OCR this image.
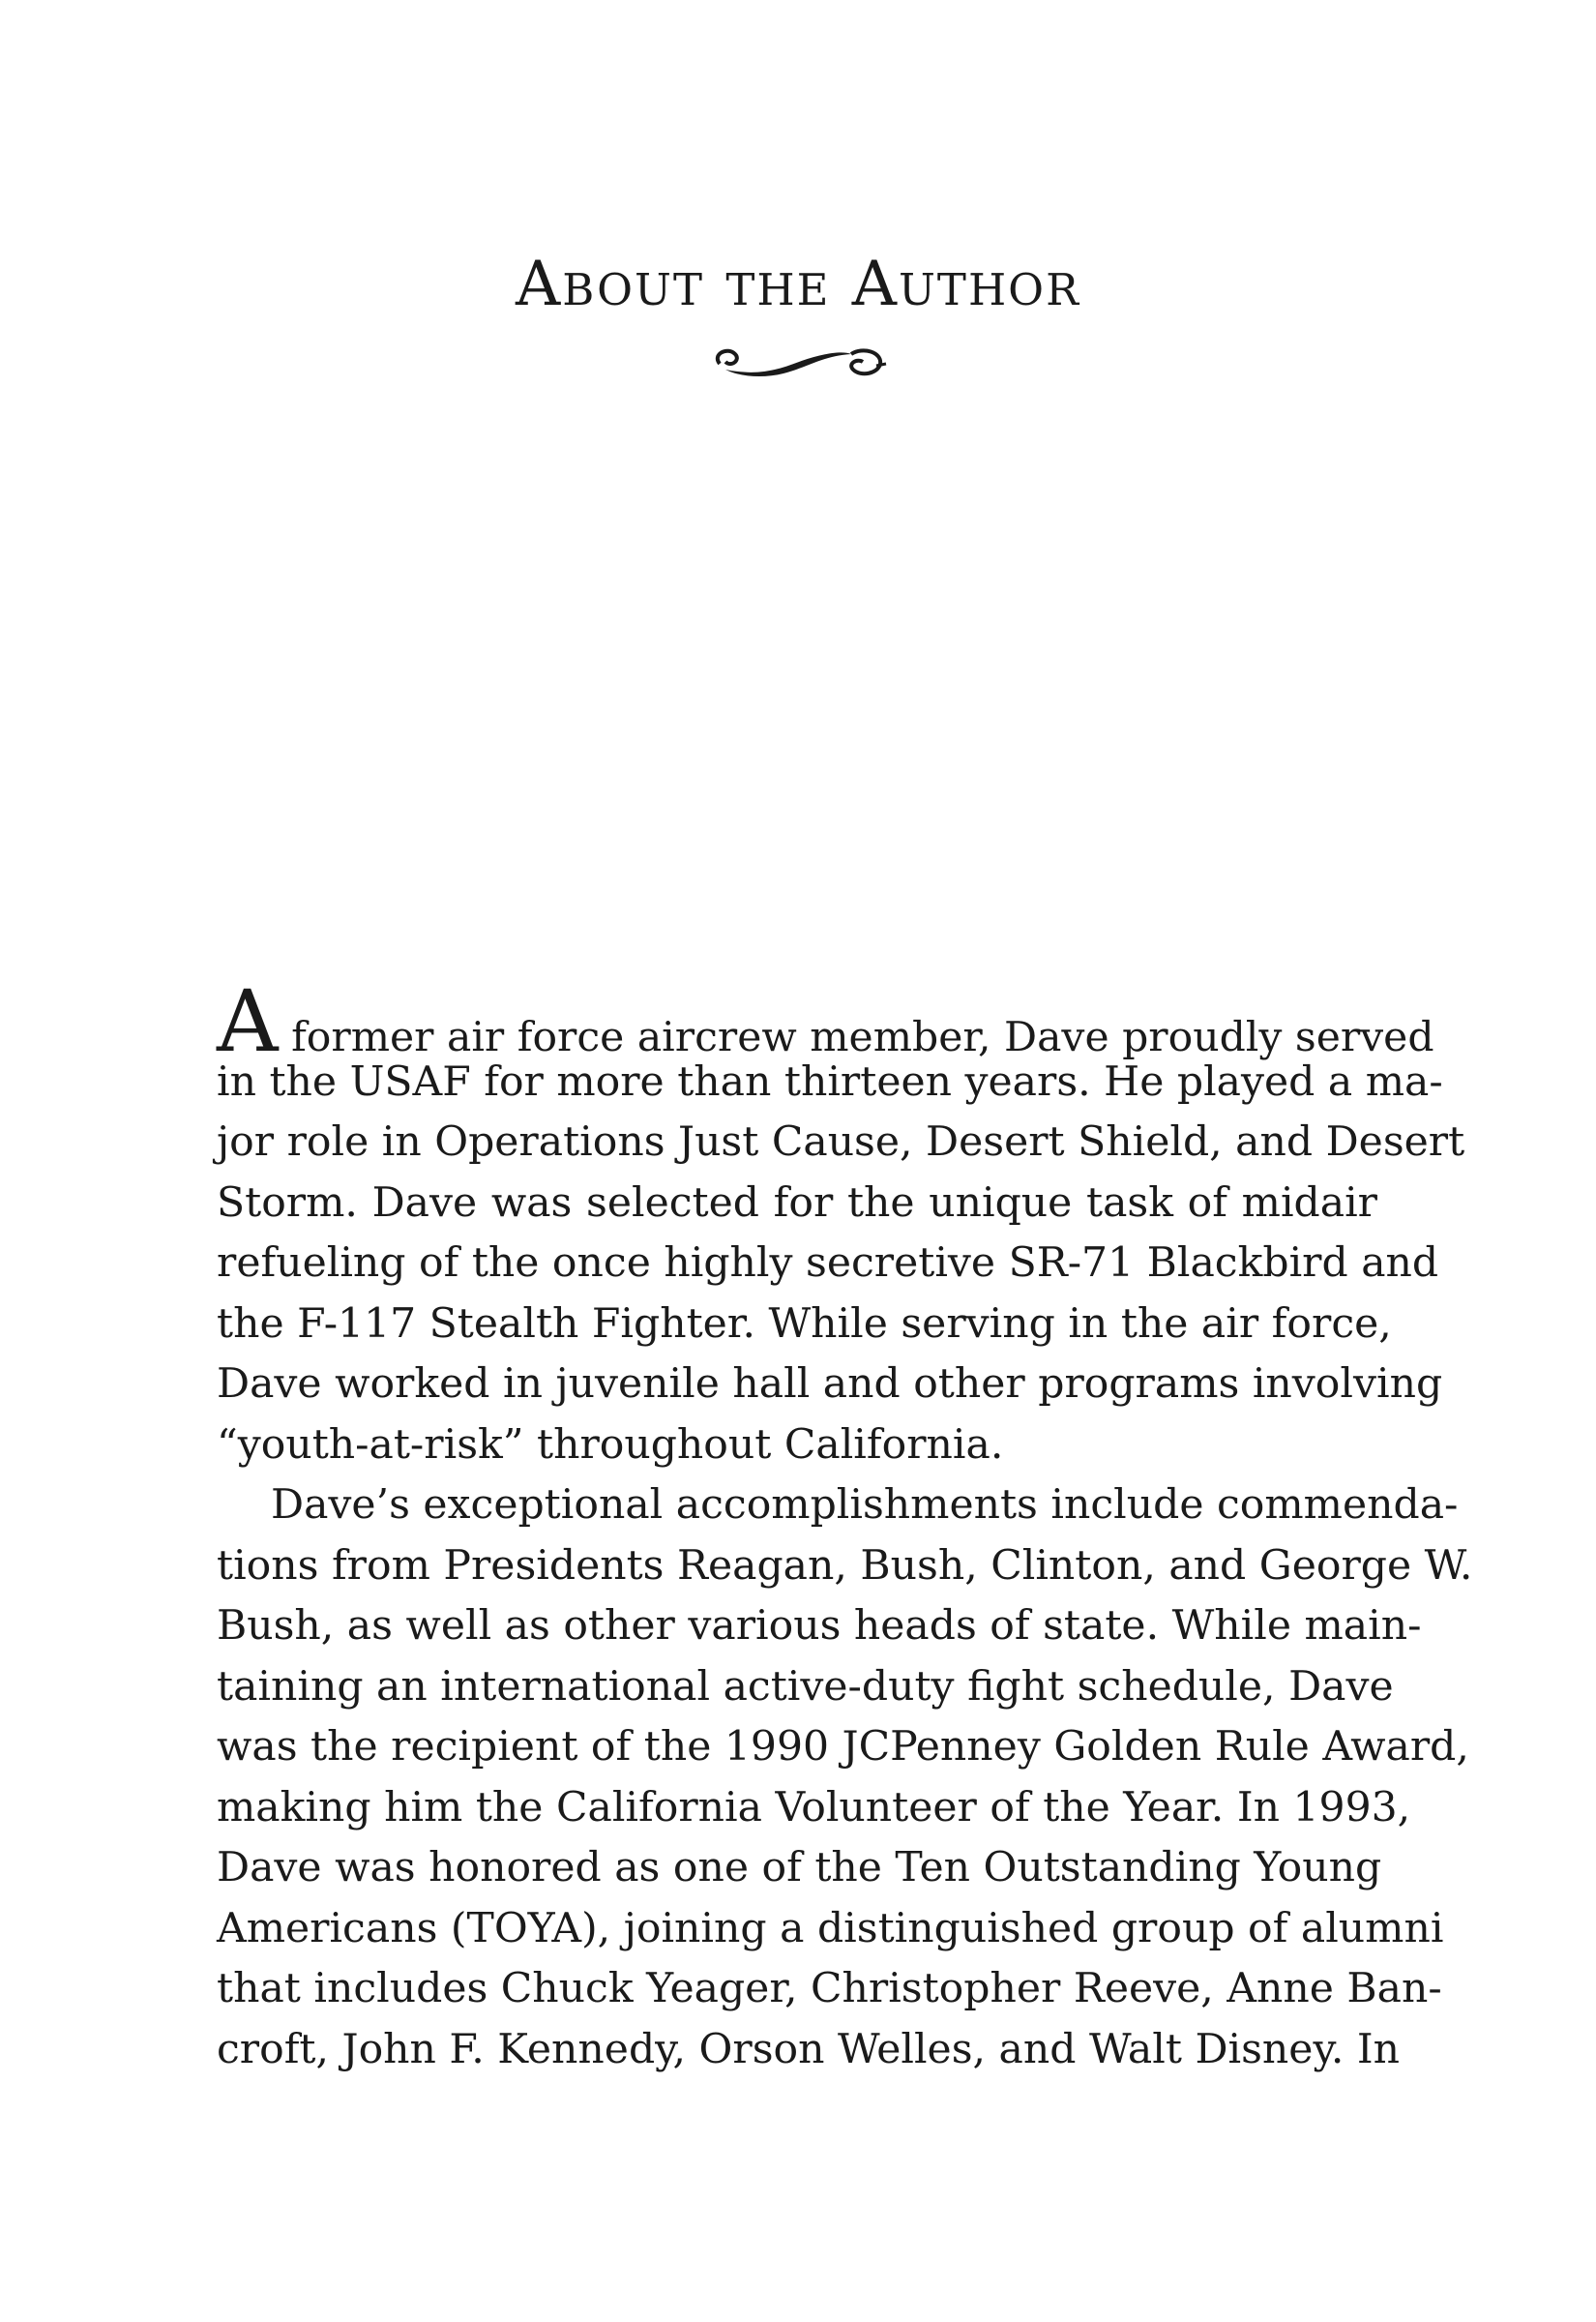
About the Author
A former air force aircrew member, Dave proudly served
in the USAF for more than thirteen years. He played a ma-
jor role in Operations Just Cause, Desert Shield, and Desert
Storm. Dave was selected for the unique task of midair
refueling of the once highly secretive SR-71 Blackbird and
the F-117 Stealth Fighter. While serving in the air force,
Dave worked in juvenile hall and other programs involving
“youth-at-risk” throughout California.
Dave’s exceptional accomplishments include commenda-
tions from Presidents Reagan, Bush, Clinton, and George W.
Bush, as well as other various heads of state. While main-
taining an international active-duty fight schedule, Dave
was the recipient of the 1990 JCPenney Golden Rule Award,
making him the California Volunteer of the Year. In 1993,
Dave was honored as one of the Ten Outstanding Young
Americans (TOYA), joining a distinguished group of alumni
that includes Chuck Yeager, Christopher Reeve, Anne Ban-
croft, John F. Kennedy, Orson Welles, and Walt Disney. In
